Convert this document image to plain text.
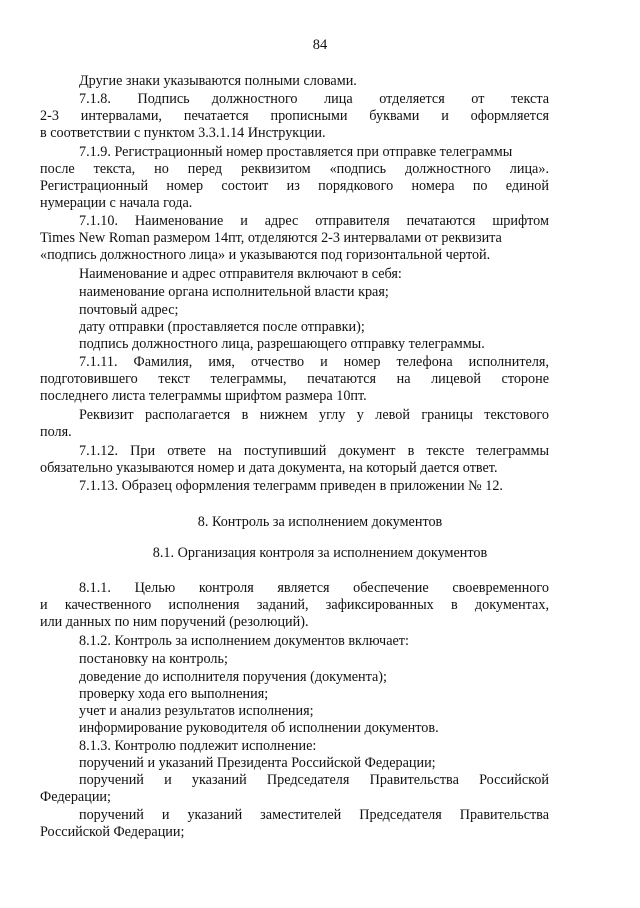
84
Другие знаки указываются полными словами.
7.1.8.      Подпись     должностного      лица      отделяется      от      текста
2-3   интервалами,   печатается   прописными   буквами   и   оформляется
в соответствии с пунктом 3.3.1.14 Инструкции.
7.1.9. Регистрационный номер проставляется при отправке телеграммы
после   текста,   но   перед   реквизитом   «подпись   должностного   лица».
Регистрационный   номер   состоит   из   порядкового   номера   по   единой
нумерации с начала года.
7.1.10.  Наименование  и  адрес  отправителя  печатаются  шрифтом
Times New Roman размером 14пт, отделяются 2-3 интервалами от реквизита
«подпись должностного лица» и указываются под горизонтальной чертой.
Наименование и адрес отправителя включают в себя:
наименование органа исполнительной власти края;
почтовый адрес;
дату отправки (проставляется после отправки);
подпись должностного лица, разрешающего отправку телеграммы.
7.1.11.   Фамилия,   имя,   отчество   и   номер   телефона   исполнителя,
подготовившего   текст   телеграммы,   печатаются   на   лицевой   стороне
последнего листа телеграммы шрифтом размера 10пт.
Реквизит  располагается  в  нижнем  углу  у  левой  границы  текстового
поля.
7.1.12.  При  ответе  на  поступивший  документ  в  тексте  телеграммы
обязательно указываются номер и дата документа, на который дается ответ.
7.1.13. Образец оформления телеграмм приведен в приложении № 12.
8. Контроль за исполнением документов
8.1. Организация контроля за исполнением документов
8.1.1.    Целью    контроля    является    обеспечение    своевременного
и  качественного  исполнения  заданий,  зафиксированных  в  документах,
или данных по ним поручений (резолюций).
8.1.2. Контроль за исполнением документов включает:
постановку на контроль;
доведение до исполнителя поручения (документа);
проверку хода его выполнения;
учет и анализ результатов исполнения;
информирование руководителя об исполнении документов.
8.1.3. Контролю подлежит исполнение:
поручений и указаний Президента Российской Федерации;
поручений   и   указаний   Председателя   Правительства   Российской
Федерации;
поручений   и   указаний   заместителей   Председателя   Правительства
Российской Федерации;
